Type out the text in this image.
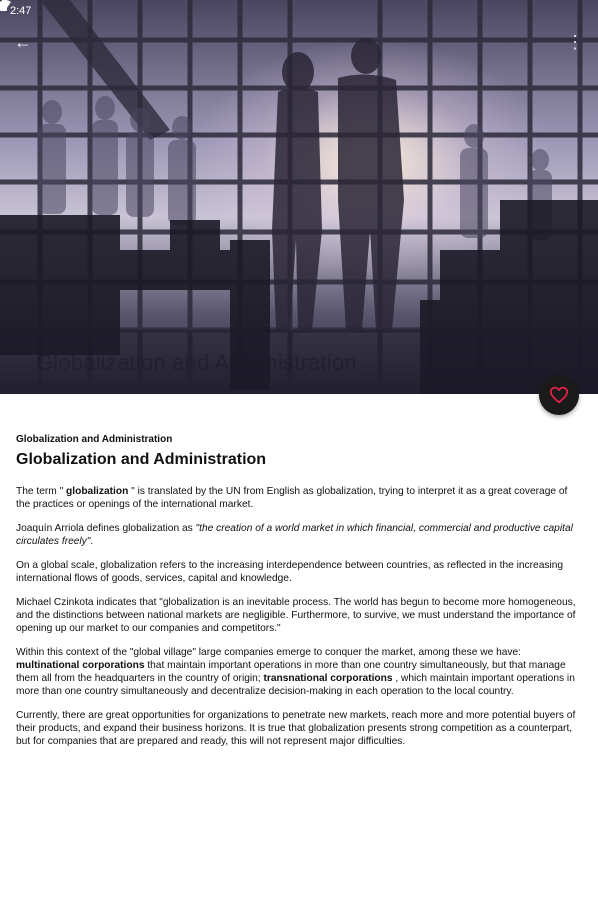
2:47
←	⋮
Globalization and Administration
Globalization and Administration
Globalization and Administration

The term " globalization " is translated by the UN from English as globalization, trying to interpret it as a great coverage of the practices or openings of the international market.

Joaquín Arriola defines globalization as "the creation of a world market in which financial, commercial and productive capital circulates freely".

On a global scale, globalization refers to the increasing interdependence between countries, as reflected in the increasing international flows of goods, services, capital and knowledge.

Michael Czinkota indicates that "globalization is an inevitable process. The world has begun to become more homogeneous, and the distinctions between national markets are negligible. Furthermore, to survive, we must understand the importance of opening up our market to our companies and competitors."

Within this context of the "global village" large companies emerge to conquer the market, among these we have: multinational corporations that maintain important operations in more than one country simultaneously, but that manage them all from the headquarters in the country of origin; transnational corporations , which maintain important operations in more than one country simultaneously and decentralize decision-making in each operation to the local country.

Currently, there are great opportunities for organizations to penetrate new markets, reach more and more potential buyers of their products, and expand their business horizons. It is true that globalization presents strong competition as a counterpart, but for companies that are prepared and ready, this will not represent major difficulties.
